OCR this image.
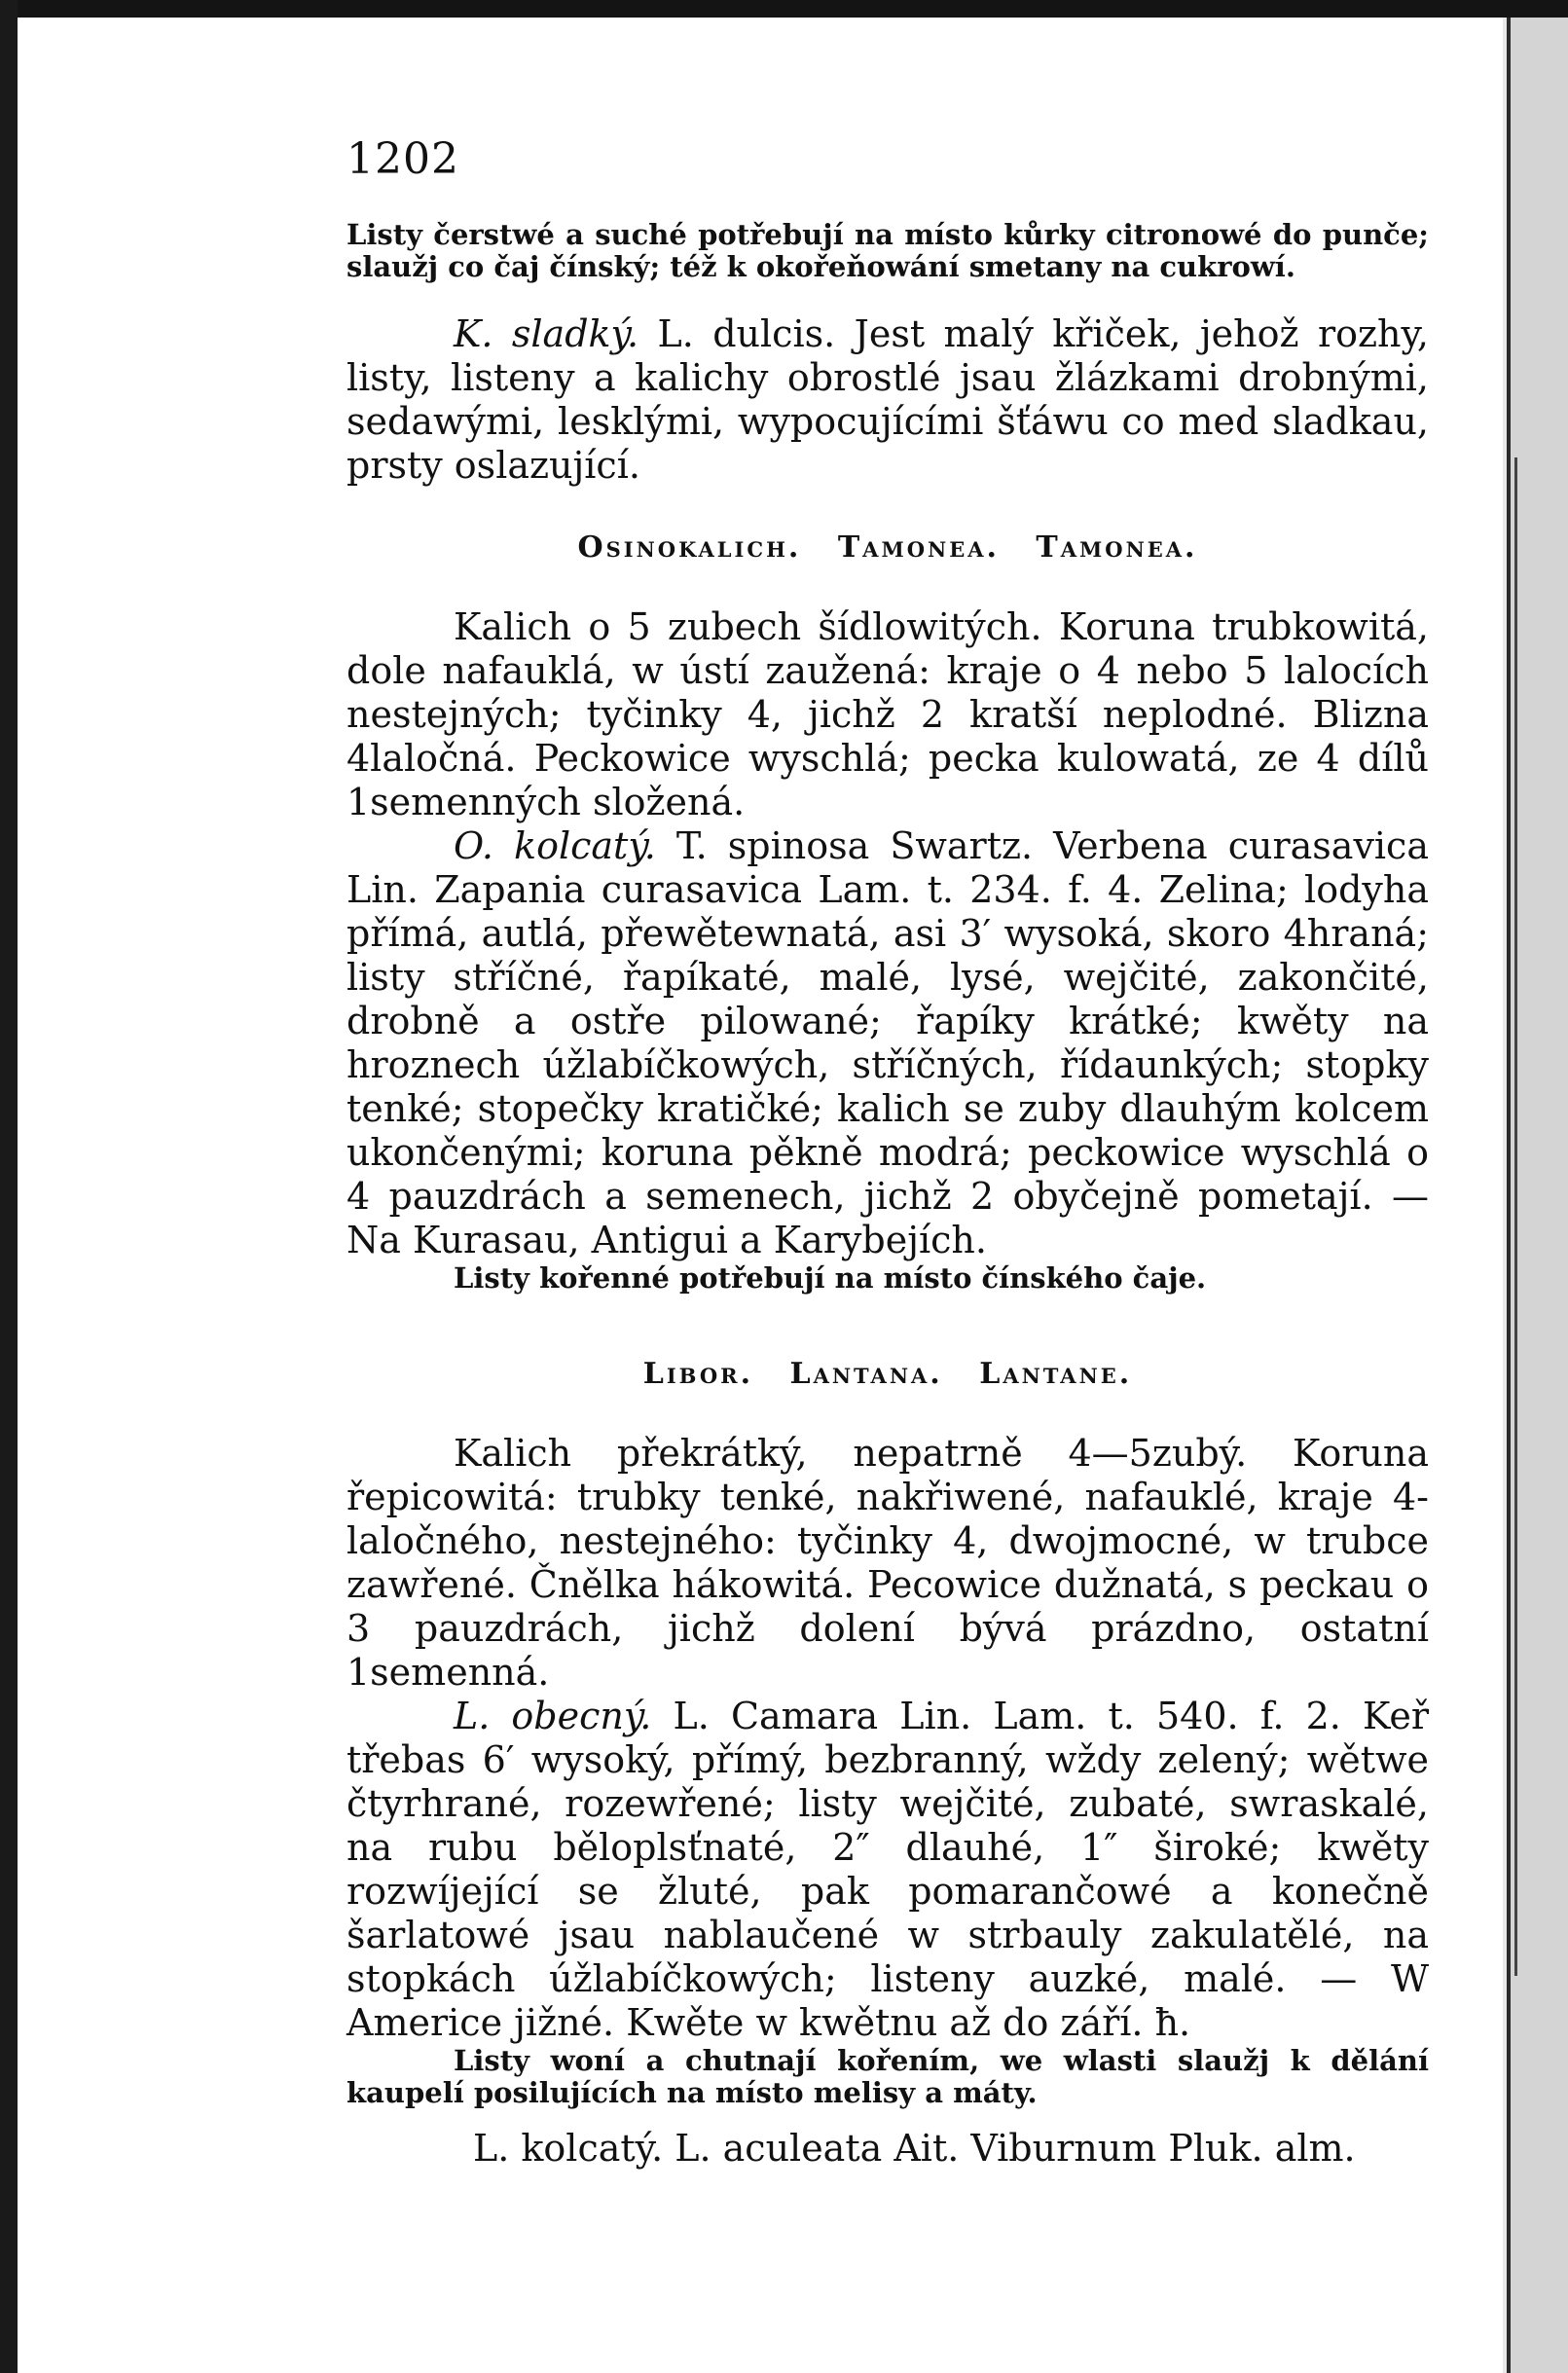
1202

Listy čerstwé a suché potřebují na místo kůrky citronowé do punče; slaužj co čaj čínský; též k okořeňowání smetany na cukrowí.

K. sladký. L. dulcis. Jest malý křiček, jehož rozhy, listy, listeny a kalichy obrostlé jsau žlázkami drobnými, sedawými, lesklými, wypocujícími šťáwu co med sladkau, prsty oslazující.

Osinokalich. Tamonea. Tamonea.

Kalich o 5 zubech šídlowitých. Koruna trubkowitá, dole nafauklá, w ústí zaužená: kraje o 4 nebo 5 lalocích nestejných; tyčinky 4, jichž 2 kratší neplodné. Blizna 4laločná. Peckowice wyschlá; pecka kulowatá, ze 4 dílů 1semenných složená.

O. kolcatý. T. spinosa Swartz. Verbena curasavica Lin. Zapania curasavica Lam. t. 234. f. 4. Zelina; lodyha přímá, autlá, přewětewnatá, asi 3′ wysoká, skoro 4hraná; listy stříčné, řapíkaté, malé, lysé, wejčité, zakončité, drobně a ostře pilowané; řapíky krátké; kwěty na hroznech úžlabíčkowých, stříčných, řídaunkých; stopky tenké; stopečky kratičké; kalich se zuby dlauhým kolcem ukončenými; koruna pěkně modrá; peckowice wyschlá o 4 pauzdrách a semenech, jichž 2 obyčejně pometají. — Na Kurasau, Antigui a Karybejích.

Listy kořenné potřebují na místo čínského čaje.

Libor. Lantana. Lantane.

Kalich překrátký, nepatrně 4—5zubý. Koruna řepicowitá: trubky tenké, nakřiwené, nafauklé, kraje 4-laločného, nestejného: tyčinky 4, dwojmocné, w trubce zawřené. Čnělka hákowitá. Pecowice dužnatá, s peckau o 3 pauzdrách, jichž dolení bývá prázdno, ostatní 1semenná.

L. obecný. L. Camara Lin. Lam. t. 540. f. 2. Keř třebas 6′ wysoký, přímý, bezbranný, wždy zelený; wětwe čtyrhrané, rozewřené; listy wejčité, zubaté, swraskalé, na rubu běloplsťnaté, 2″ dlauhé, 1″ široké; kwěty rozwíjející se žluté, pak pomarančowé a konečně šarlatowé jsau nablaučené w strbauly zakulatělé, na stopkách úžlabíčkowých; listeny auzké, malé. — W Americe jižné. Kwěte w kwětnu až do září. ħ.

Listy woní a chutnají kořením, we wlasti slaužj k dělání kaupelí posilujících na místo melisy a máty.

L. kolcatý. L. aculeata Ait. Viburnum Pluk. alm.
